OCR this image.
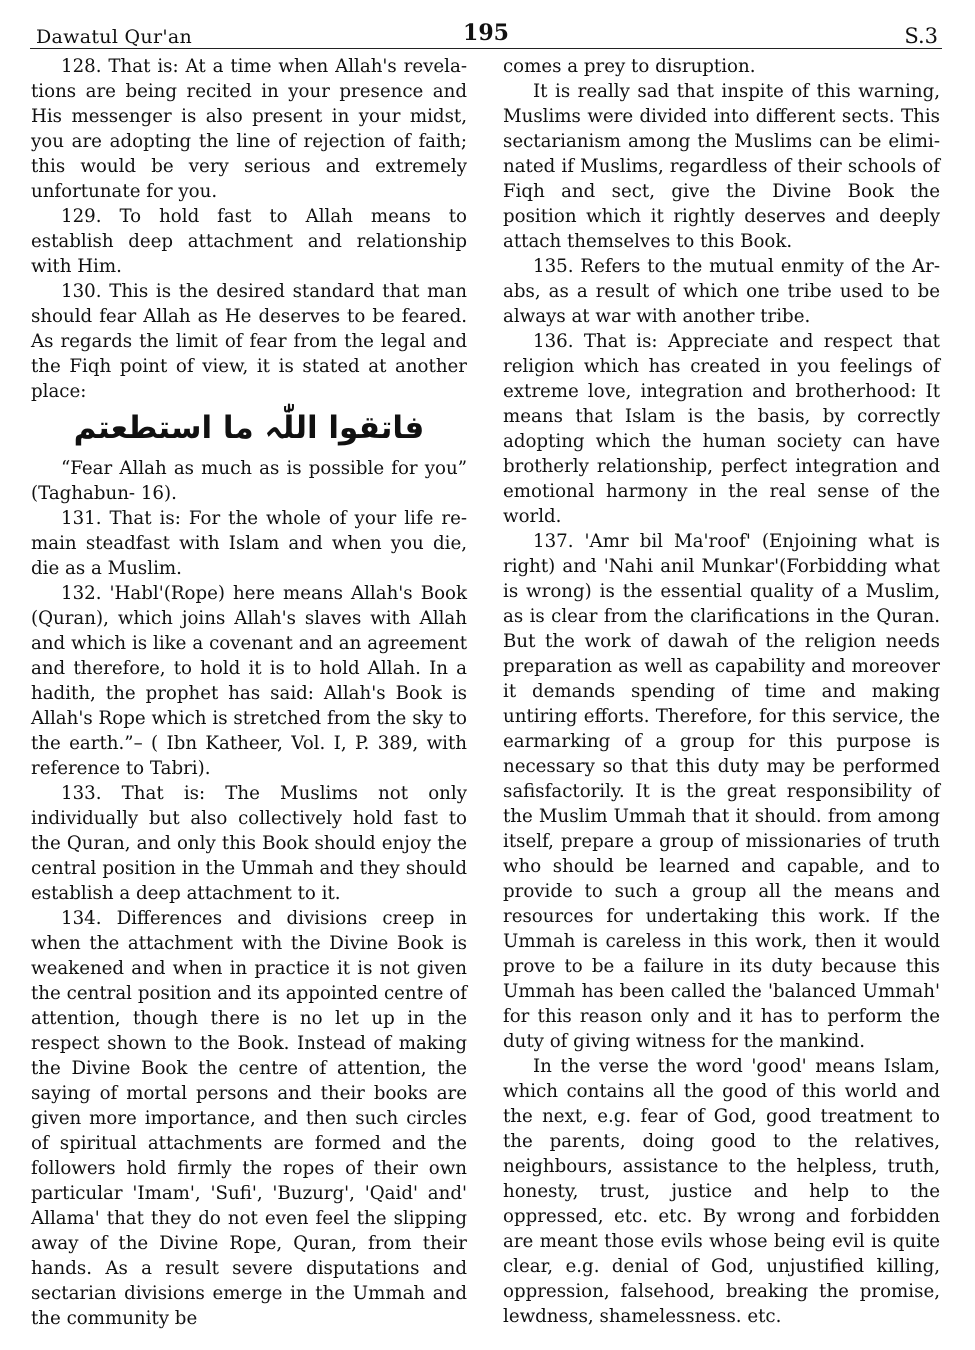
Dawatul Qur'an	195	S.3

128. That is: At a time when Allah's revelations are being recited in your presence and His messenger is also present in your midst, you are adopting the line of rejection of faith; this would be very serious and extremely unfortunate for you.

129. To hold fast to Allah means to establish deep attachment and relationship with Him.

130. This is the desired standard that man should fear Allah as He deserves to be feared. As regards the limit of fear from the legal and the Fiqh point of view, it is stated at another place:

فاتقوا اللّٰہ ما استطعتم

“Fear Allah as much as is possible for you” (Taghabun- 16).

131. That is: For the whole of your life remain steadfast with Islam and when you die, die as a Muslim.

132. 'Habl'(Rope) here means Allah's Book (Quran), which joins Allah's slaves with Allah and which is like a covenant and an agreement and therefore, to hold it is to hold Allah. In a hadith, the prophet has said: Allah's Book is Allah's Rope which is stretched from the sky to the earth.”– ( Ibn Katheer, Vol. I, P. 389, with reference to Tabri).

133. That is: The Muslims not only individually but also collectively hold fast to the Quran, and only this Book should enjoy the central position in the Ummah and they should establish a deep attachment to it.

134. Differences and divisions creep in when the attachment with the Divine Book is weakened and when in practice it is not given the central position and its appointed centre of attention, though there is no let up in the respect shown to the Book. Instead of making the Divine Book the centre of attention, the saying of mortal persons and their books are given more importance, and then such circles of spiritual attachments are formed and the followers hold firmly the ropes of their own particular 'Imam', 'Sufi', 'Buzurg', 'Qaid' and' Allama' that they do not even feel the slipping away of the Divine Rope, Quran, from their hands. As a result severe disputations and sectarian divisions emerge in the Ummah and the community be

comes a prey to disruption.

It is really sad that inspite of this warning, Muslims were divided into different sects. This sectarianism among the Muslims can be eliminated if Muslims, regardless of their schools of Fiqh and sect, give the Divine Book the position which it rightly deserves and deeply attach themselves to this Book.

135. Refers to the mutual enmity of the Arabs, as a result of which one tribe used to be always at war with another tribe.

136. That is: Appreciate and respect that religion which has created in you feelings of extreme love, integration and brotherhood: It means that Islam is the basis, by correctly adopting which the human society can have brotherly relationship, perfect integration and emotional harmony in the real sense of the world.

137. 'Amr bil Ma'roof' (Enjoining what is right) and 'Nahi anil Munkar'(Forbidding what is wrong) is the essential quality of a Muslim, as is clear from the clarifications in the Quran. But the work of dawah of the religion needs preparation as well as capability and moreover it demands spending of time and making untiring efforts. Therefore, for this service, the earmarking of a group for this purpose is necessary so that this duty may be performed safisfactorily. It is the great responsibility of the Muslim Ummah that it should. from among itself, prepare a group of missionaries of truth who should be learned and capable, and to provide to such a group all the means and resources for undertaking this work. If the Ummah is careless in this work, then it would prove to be a failure in its duty because this Ummah has been called the 'balanced Ummah' for this reason only and it has to perform the duty of giving witness for the mankind.

In the verse the word 'good' means Islam, which contains all the good of this world and the next, e.g. fear of God, good treatment to the parents, doing good to the relatives, neighbours, assistance to the helpless, truth, honesty, trust, justice and help to the oppressed, etc. etc. By wrong and forbidden are meant those evils whose being evil is quite clear, e.g. denial of God, unjustified killing, oppression, falsehood, breaking the promise, lewdness, shamelessness. etc.
